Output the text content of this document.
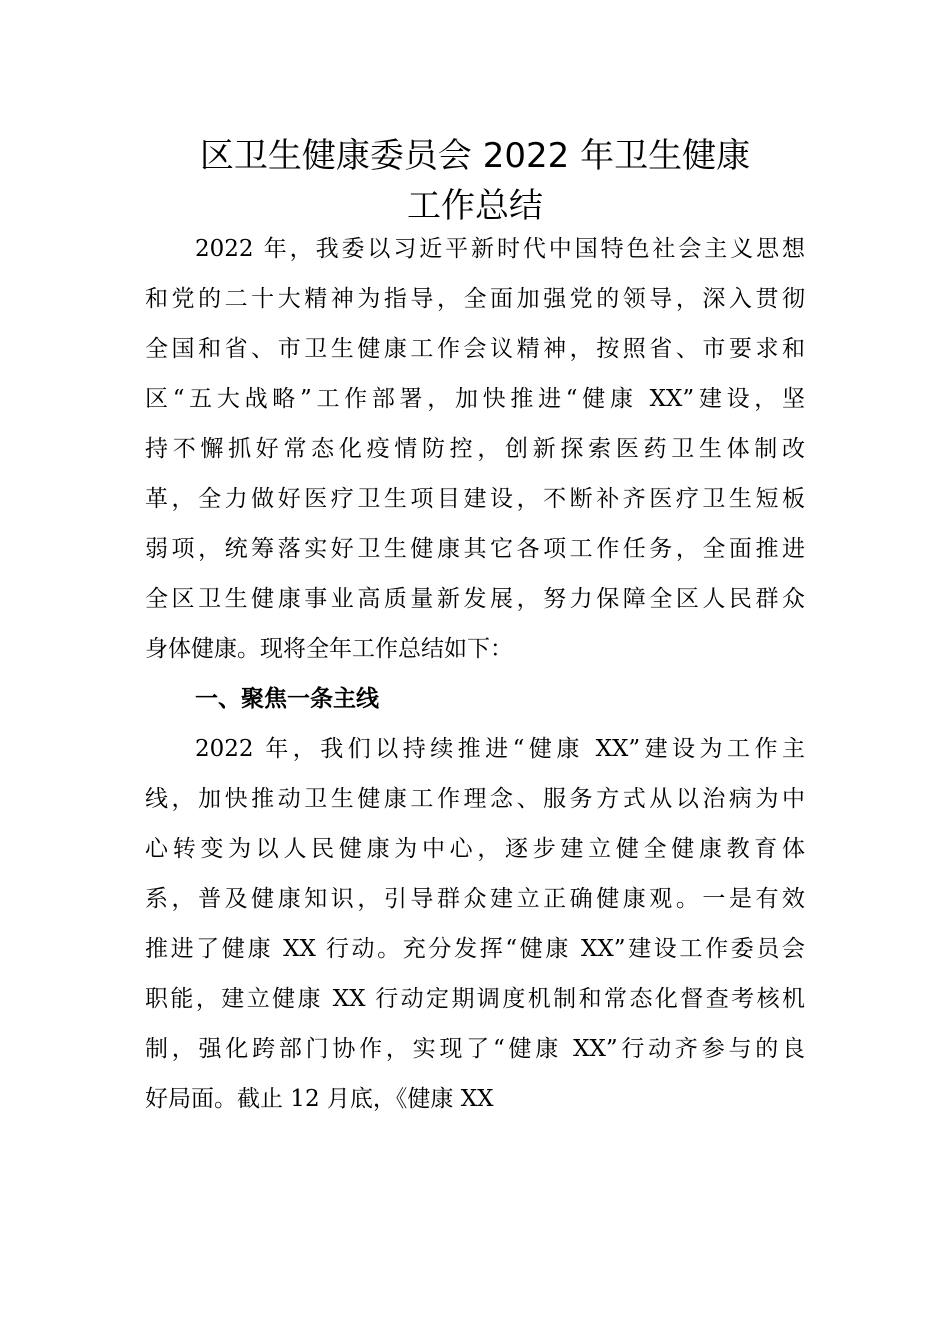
区卫生健康委员会 2022 年卫生健康
工作总结

2022 年，我委以习近平新时代中国特色社会主义思想

和党的二十大精神为指导，全面加强党的领导，深入贯彻

全国和省、市卫生健康工作会议精神，按照省、市要求和

区“五大战略”工作部署，加快推进“健康 XX”建设，坚

持不懈抓好常态化疫情防控，创新探索医药卫生体制改

革，全力做好医疗卫生项目建设，不断补齐医疗卫生短板

弱项，统筹落实好卫生健康其它各项工作任务，全面推进

全区卫生健康事业高质量新发展，努力保障全区人民群众

身体健康。现将全年工作总结如下：

一、聚焦一条主线

2022 年，我们以持续推进“健康 XX”建设为工作主

线，加快推动卫生健康工作理念、服务方式从以治病为中

心转变为以人民健康为中心，逐步建立健全健康教育体

系，普及健康知识，引导群众建立正确健康观。一是有效

推进了健康 XX 行动。充分发挥“健康 XX”建设工作委员会

职能，建立健康 XX 行动定期调度机制和常态化督查考核机

制，强化跨部门协作，实现了“健康 XX”行动齐参与的良

好局面。截止 12 月底，《健康 XX
